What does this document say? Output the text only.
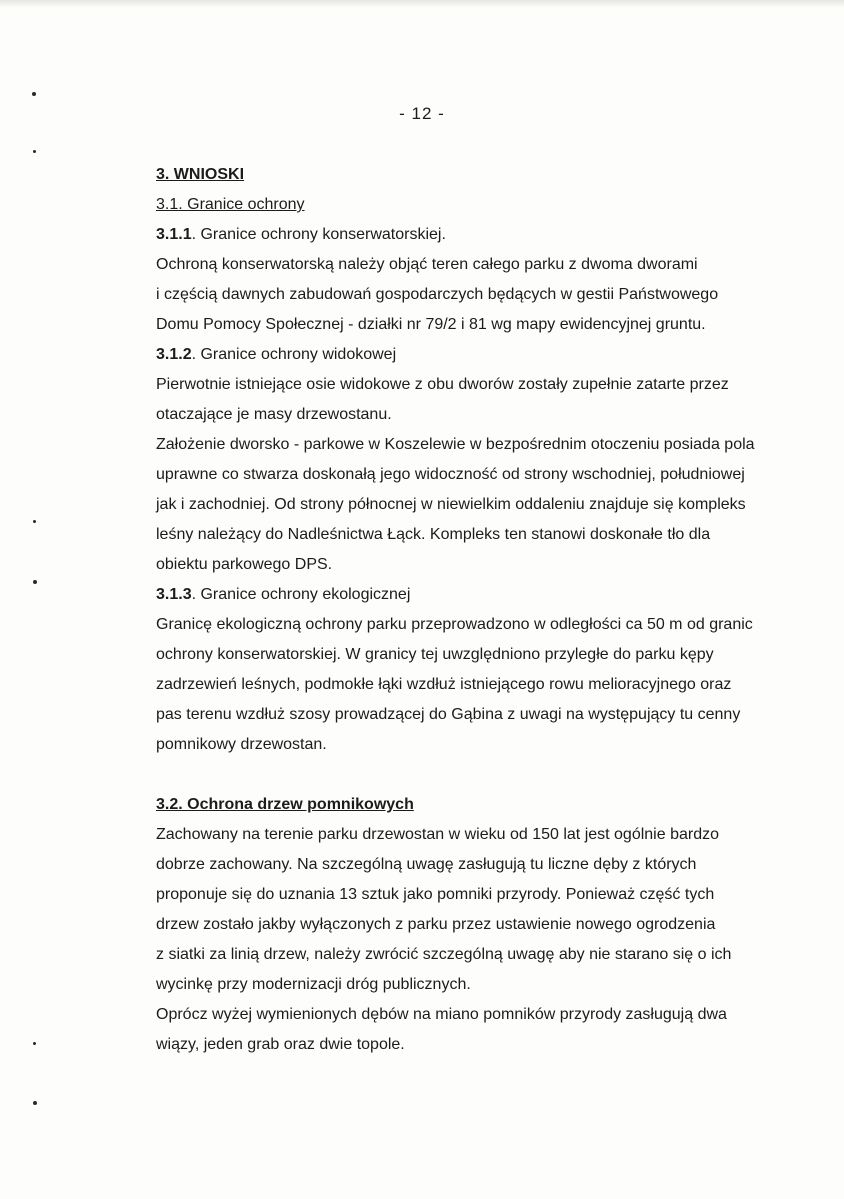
- 12 -
3. WNIOSKI
3.1. Granice ochrony
3.1.1. Granice ochrony konserwatorskiej.
Ochroną konserwatorską należy objąć teren całego parku z dwoma dworami
i częścią dawnych zabudowań gospodarczych będących w gestii Państwowego
Domu Pomocy Społecznej - działki nr 79/2 i 81 wg mapy ewidencyjnej gruntu.
3.1.2. Granice ochrony widokowej
Pierwotnie istniejące osie widokowe z obu dworów zostały zupełnie zatarte przez
otaczające je masy drzewostanu.
Założenie dworsko - parkowe w Koszelewie w bezpośrednim otoczeniu posiada pola
uprawne co stwarza doskonałą jego widoczność od strony wschodniej, południowej
jak i zachodniej. Od strony północnej w niewielkim oddaleniu znajduje się kompleks
leśny należący do Nadleśnictwa Łąck. Kompleks ten stanowi doskonałe tło dla
obiektu parkowego DPS.
3.1.3. Granice ochrony ekologicznej
Granicę ekologiczną ochrony parku przeprowadzono w odległości ca 50 m od granic
ochrony konserwatorskiej. W granicy tej uwzględniono przyległe do parku kępy
zadrzewień leśnych, podmokłe łąki wzdłuż istniejącego rowu melioracyjnego oraz
pas terenu wzdłuż szosy prowadzącej do Gąbina z uwagi na występujący tu cenny
pomnikowy drzewostan.
3.2. Ochrona drzew pomnikowych
Zachowany na terenie parku drzewostan w wieku od 150 lat jest ogólnie bardzo
dobrze zachowany. Na szczególną uwagę zasługują tu liczne dęby z których
proponuje się do uznania 13 sztuk jako pomniki przyrody. Ponieważ część tych
drzew zostało jakby wyłączonych z parku przez ustawienie nowego ogrodzenia
z siatki za linią drzew, należy zwrócić szczególną uwagę aby nie starano się o ich
wycinkę przy modernizacji dróg publicznych.
Oprócz wyżej wymienionych dębów na miano pomników przyrody zasługują dwa
wiązy, jeden grab oraz dwie topole.
